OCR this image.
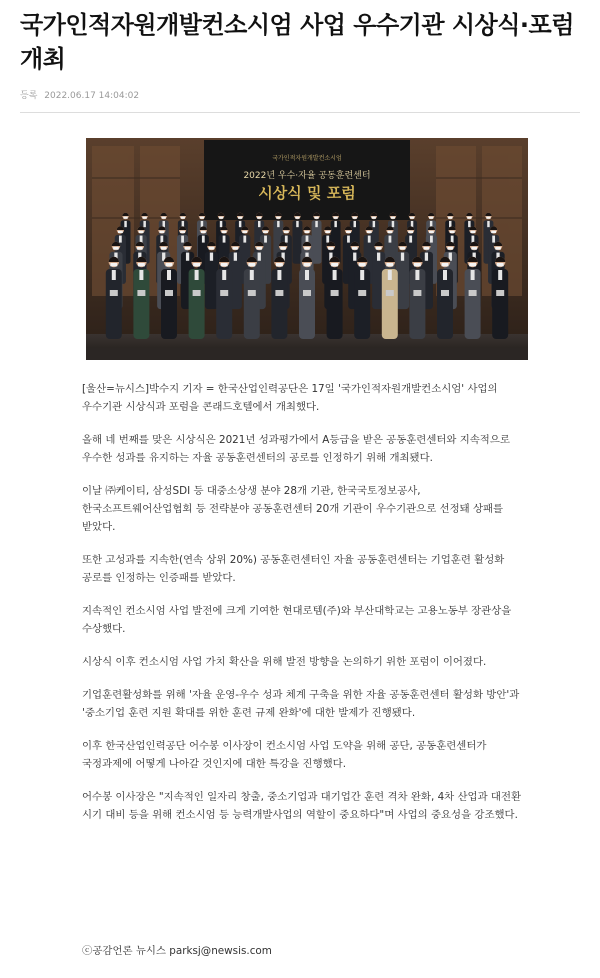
국가인적자원개발컨소시엄 사업 우수기관 시상식·포럼 개최
등록 2022.06.17 14:04:02
국가인적자원개발컨소시엄
2022년 우수·자율 공동훈련센터
시상식 및 포럼

[울산=뉴시스]박수지 기자 = 한국산업인력공단은 17일 '국가인적자원개발컨소시엄' 사업의 우수기관 시상식과 포럼을 콘래드호텔에서 개최했다.

올해 네 번째를 맞은 시상식은 2021년 성과평가에서 A등급을 받은 공동훈련센터와 지속적으로 우수한 성과를 유지하는 자율 공동훈련센터의 공로를 인정하기 위해 개최됐다.

이날 ㈜케이티, 삼성SDI 등 대중소상생 분야 28개 기관, 한국국토정보공사, 한국소프트웨어산업협회 등 전략분야 공동훈련센터 20개 기관이 우수기관으로 선정돼 상패를 받았다.

또한 고성과를 지속한(연속 상위 20%) 공동훈련센터인 자율 공동훈련센터는 기업훈련 활성화 공로를 인정하는 인증패를 받았다.

지속적인 컨소시엄 사업 발전에 크게 기여한 현대로템(주)와 부산대학교는 고용노동부 장관상을 수상했다.

시상식 이후 컨소시엄 사업 가치 확산을 위해 발전 방향을 논의하기 위한 포럼이 이어졌다.

기업훈련활성화를 위해 '자율 운영-우수 성과 체계 구축을 위한 자율 공동훈련센터 활성화 방안'과 '중소기업 훈련 지원 확대를 위한 훈련 규제 완화'에 대한 발제가 진행됐다.

이후 한국산업인력공단 어수봉 이사장이 컨소시엄 사업 도약을 위해 공단, 공동훈련센터가 국정과제에 어떻게 나아갈 것인지에 대한 특강을 진행했다.

어수봉 이사장은 "지속적인 일자리 창출, 중소기업과 대기업간 훈련 격차 완화, 4차 산업과 대전환 시기 대비 등을 위해 컨소시엄 등 능력개발사업의 역할이 중요하다"며 사업의 중요성을 강조했다.

ⓒ공감언론 뉴시스 parksj@newsis.com
